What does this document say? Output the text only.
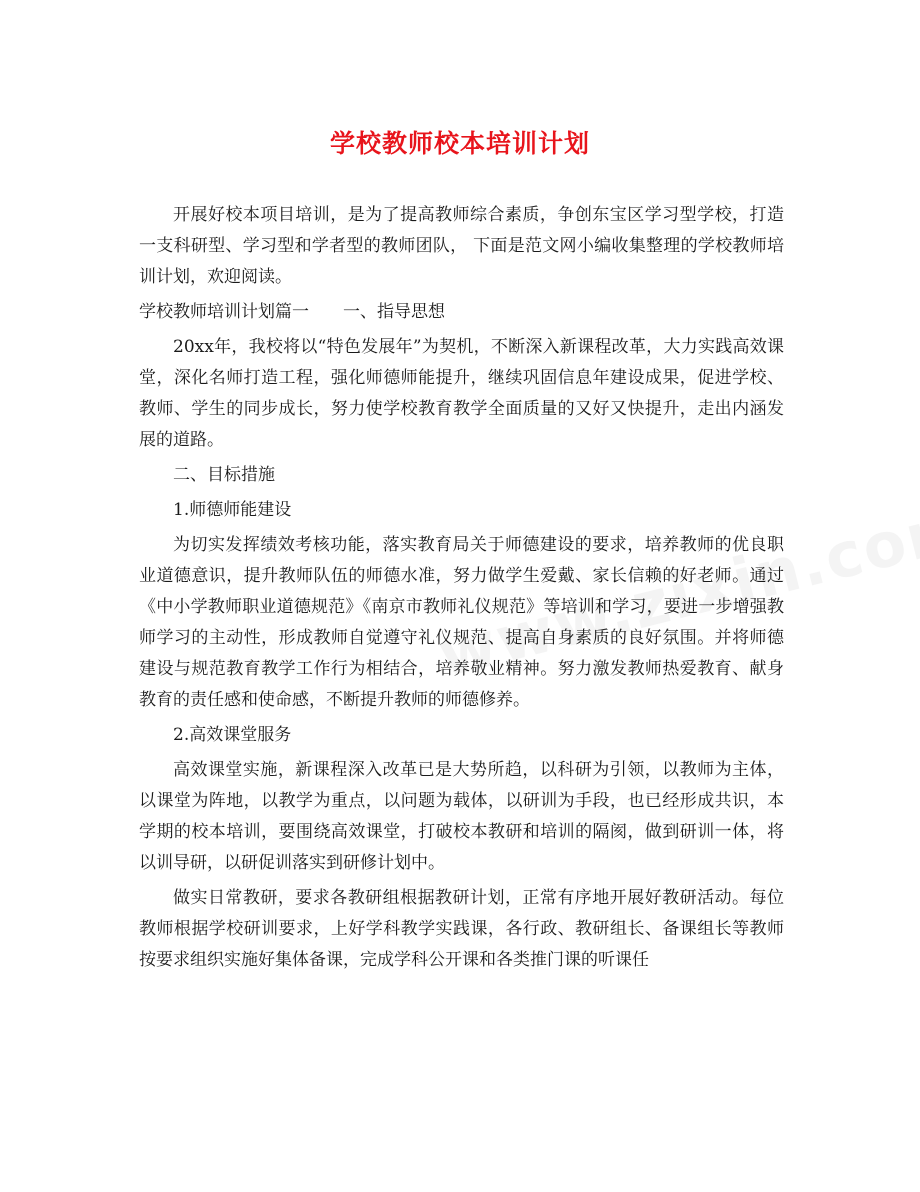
学校教师校本培训计划

开展好校本项目培训，是为了提高教师综合素质，争创东宝区学习型学校，打造一支科研型、学习型和学者型的教师团队， 下面是范文网小编收集整理的学校教师培训计划，欢迎阅读。

学校教师培训计划篇一 一、指导思想

20xx年，我校将以“特色发展年”为契机，不断深入新课程改革，大力实践高效课堂，深化名师打造工程，强化师德师能提升，继续巩固信息年建设成果，促进学校、教师、学生的同步成长，努力使学校教育教学全面质量的又好又快提升，走出内涵发展的道路。

二、目标措施

1.师德师能建设

为切实发挥绩效考核功能，落实教育局关于师德建设的要求，培养教师的优良职业道德意识，提升教师队伍的师德水准，努力做学生爱戴、家长信赖的好老师。通过《中小学教师职业道德规范》《南京市教师礼仪规范》等培训和学习，要进一步增强教师学习的主动性，形成教师自觉遵守礼仪规范、提高自身素质的良好氛围。并将师德建设与规范教育教学工作行为相结合，培养敬业精神。努力激发教师热爱教育、献身教育的责任感和使命感，不断提升教师的师德修养。

2.高效课堂服务

高效课堂实施，新课程深入改革已是大势所趋，以科研为引领，以教师为主体，以课堂为阵地，以教学为重点，以问题为载体，以研训为手段，也已经形成共识，本学期的校本培训，要围绕高效课堂，打破校本教研和培训的隔阂，做到研训一体，将以训导研，以研促训落实到研修计划中。

做实日常教研，要求各教研组根据教研计划，正常有序地开展好教研活动。每位教师根据学校研训要求，上好学科教学实践课，各行政、教研组长、备课组长等教师按要求组织实施好集体备课，完成学科公开课和各类推门课的听课任
